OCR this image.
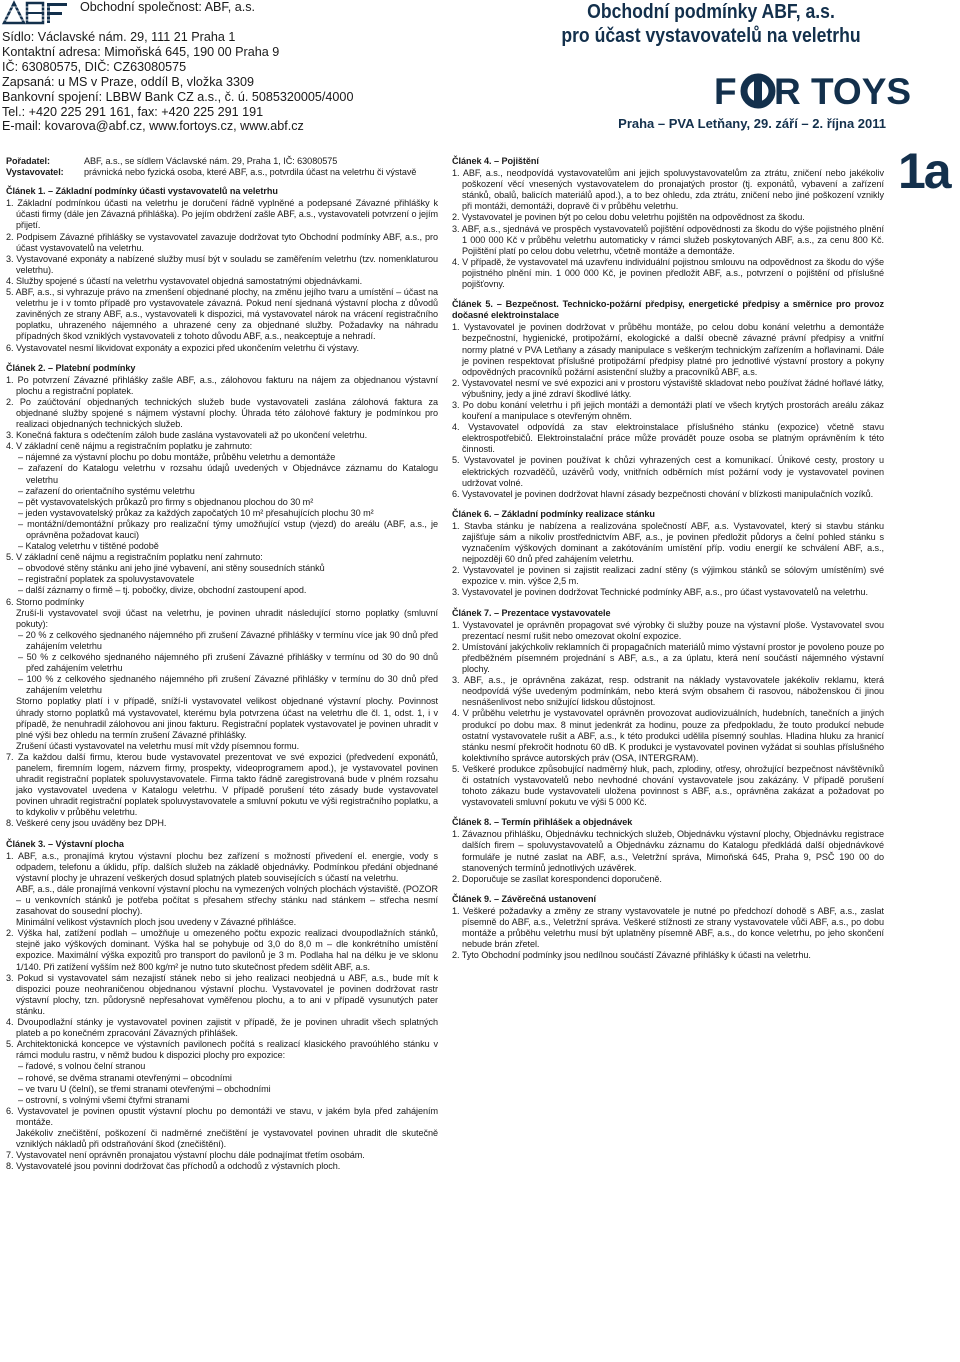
Obchodní společnost: ABF, a.s.
Sídlo: Václavské nám. 29, 111 21 Praha 1
Kontaktní adresa: Mimoňská 645, 190 00 Praha 9
IČ: 63080575, DIČ: CZ63080575
Zapsaná: u MS v Praze, oddíl B, vložka 3309
Bankovní spojení: LBBW Bank CZ a.s., č. ú. 5085320005/4000
Tel.: +420 225 291 161, fax: +420 225 291 191
E-mail: kovarova@abf.cz, www.fortoys.cz, www.abf.cz
Obchodní podmínky ABF, a.s.
pro účast vystavovatelů na veletrhu
F R TOYS
Praha – PVA Letňany, 29. září – 2. října 2011
1a
Pořadatel:	ABF, a.s., se sídlem Václavské nám. 29, Praha 1, IČ: 63080575
Vystavovatel:	právnická nebo fyzická osoba, které ABF, a.s., potvrdila účast na veletrhu či výstavě

Článek 1. – Základní podmínky účasti vystavovatelů na veletrhu

1. Základní podmínkou účasti na veletrhu je doručení řádně vyplněné a podepsané Závazné přihlášky k účasti firmy (dále jen Závazná přihláška). Po jejím obdržení zašle ABF, a.s., vystavovateli potvrzení o jejím přijetí.

2. Podpisem Závazné přihlášky se vystavovatel zavazuje dodržovat tyto Obchodní podmínky ABF, a.s., pro účast vystavovatelů na veletrhu.

3. Vystavované exponáty a nabízené služby musí být v souladu se zaměřením veletrhu (tzv. nomenklaturou veletrhu).

4. Služby spojené s účastí na veletrhu vystavovatel objedná samostatnými objednávkami.

5. ABF, a.s., si vyhrazuje právo na zmenšení objednané plochy, na změnu jejího tvaru a umístění – účast na veletrhu je i v tomto případě pro vystavovatele závazná. Pokud není sjednaná výstavní plocha z důvodů zaviněných ze strany ABF, a.s., vystavovateli k dispozici, má vystavovatel nárok na vrácení registračního poplatku, uhrazeného nájemného a uhrazené ceny za objednané služby. Požadavky na náhradu případných škod vzniklých vystavovateli z tohoto důvodu ABF, a.s., neakceptuje a nehradí.

6. Vystavovatel nesmí likvidovat exponáty a expozici před ukončením veletrhu či výstavy.

Článek 2. – Platební podmínky

1. Po potvrzení Závazné přihlášky zašle ABF, a.s., zálohovou fakturu na nájem za objednanou výstavní plochu a registrační poplatek.

2. Po zaúčtování objednaných technických služeb bude vystavovateli zaslána zálohová faktura za objednané služby spojené s nájmem výstavní plochy. Úhrada této zálohové faktury je podmínkou pro realizaci objednaných technických služeb.

3. Konečná faktura s odečtením záloh bude zaslána vystavovateli až po ukončení veletrhu.

4. V základní ceně nájmu a registračním poplatku je zahrnuto:

– nájemné za výstavní plochu po dobu montáže, průběhu veletrhu a demontáže

– zařazení do Katalogu veletrhu v rozsahu údajů uvedených v Objednávce záznamu do Katalogu veletrhu

– zařazení do orientačního systému veletrhu

– pět vystavovatelských průkazů pro firmy s objednanou plochou do 30 m²

– jeden vystavovatelský průkaz za každých započatých 10 m² přesahujících plochu 30 m²

– montážní/demontážní průkazy pro realizační týmy umožňující vstup (vjezd) do areálu (ABF, a.s., je oprávněna požadovat kauci)

– Katalog veletrhu v tištěné podobě

5. V základní ceně nájmu a registračním poplatku není zahrnuto:

– obvodové stěny stánku ani jeho jiné vybavení, ani stěny sousedních stánků

– registrační poplatek za spoluvystavovatele

– další záznamy o firmě – tj. pobočky, divize, obchodní zastoupení apod.

6. Storno podmínky

Zruší-li vystavovatel svoji účast na veletrhu, je povinen uhradit následující storno poplatky (smluvní pokuty):

– 20 % z celkového sjednaného nájemného při zrušení Závazné přihlášky v termínu více jak 90 dnů před zahájením veletrhu

– 50 % z celkového sjednaného nájemného při zrušení Závazné přihlášky v termínu od 30 do 90 dnů před zahájením veletrhu

– 100 % z celkového sjednaného nájemného při zrušení Závazné přihlášky v termínu do 30 dnů před zahájením veletrhu

Storno poplatky platí i v případě, sníží-li vystavovatel velikost objednané výstavní plochy. Povinnost úhrady storno poplatků má vystavovatel, kterému byla potvrzena účast na veletrhu dle čl. 1, odst. 1, i v případě, že nenuhradil zálohovou ani jinou fakturu. Registrační poplatek vystavovatel je povinen uhradit v plné výši bez ohledu na termín zrušení Závazné přihlášky.

Zrušení účasti vystavovatel na veletrhu musí mít vždy písemnou formu.

7. Za každou další firmu, kterou bude vystavovatel prezentovat ve své expozici (předvedení exponátů, panelem, firemním logem, názvem firmy, prospekty, videoprogramem apod.), je vystavovatel povinen uhradit registrační poplatek spoluvystavovatele. Firma takto řádně zaregistrovaná bude v plném rozsahu jako vystavovatel uvedena v Katalogu veletrhu. V případě porušení této zásady bude vystavovatel povinen uhradit registrační poplatek spoluvystavovatele a smluvní pokutu ve výši registračního poplatku, a to kdykoliv v průběhu veletrhu.

8. Veškeré ceny jsou uváděny bez DPH.

Článek 3. – Výstavní plocha

1. ABF, a.s., pronajímá krytou výstavní plochu bez zařízení s možností přivedení el. energie, vody s odpadem, telefonu a úklidu, příp. dalších služeb na základě objednávky. Podmínkou předání objednané výstavní plochy je uhrazení veškerých dosud splatných plateb souvisejících s účastí na veletrhu.

ABF, a.s., dále pronajímá venkovní výstavní plochu na vymezených volných plochách výstaviště. (POZOR – u venkovních stánků je potřeba počítat s přesahem střechy stánku nad stánkem – střecha nesmí zasahovat do sousední plochy).

Minimální velikost výstavních ploch jsou uvedeny v Závazné přihlášce.

2. Výška hal, zatížení podlah – umožňuje u omezeného počtu expozic realizaci dvoupodlažních stánků, stejně jako výškových dominant. Výška hal se pohybuje od 3,0 do 8,0 m – dle konkrétního umístění expozice. Maximální výška expozitů pro transport do pavilonů je 3 m. Podlaha hal na délku je ve sklonu 1/140. Při zatížení vyšším než 800 kg/m² je nutno tuto skutečnost předem sdělit ABF, a.s.

3. Pokud si vystavovatel sám nezajistí stánek nebo si jeho realizaci neobjedná u ABF, a.s., bude mít k dispozici pouze neohraničenou objednanou výstavní plochu. Vystavovatel je povinen dodržovat rastr výstavní plochy, tzn. půdorysně nepřesahovat vyměřenou plochu, a to ani v případě vysunutých pater stánku.

4. Dvoupodlažní stánky je vystavovatel povinen zajistit v případě, že je povinen uhradit všech splatných plateb a po konečném zpracování Závazných přihlášek.

5. Architektonická koncepce ve výstavních pavilonech počítá s realizací klasického pravoúhlého stánku v rámci modulu rastru, v němž budou k dispozici plochy pro expozice:

– řadové, s volnou čelní stranou

– rohové, se dvěma stranami otevřenými – obcodními

– ve tvaru U (čelní), se třemi stranami otevřenými – obchodními

– ostrovní, s volnými všemi čtyřmi stranami

6. Vystavovatel je povinen opustit výstavní plochu po demontáži ve stavu, v jakém byla před zahájením montáže.

Jakékoliv znečištění, poškození či nadměrné znečištění je vystavovatel povinen uhradit dle skutečně vzniklých nákladů při odstraňování škod (znečištění).

7. Vystavovatel není oprávněn pronajatou výstavní plochu dále podnajímat třetím osobám.

8. Vystavovatelé jsou povinni dodržovat čas příchodů a odchodů z výstavních ploch.

Článek 4. – Pojištění

1. ABF, a.s., neodpovídá vystavovatelům ani jejich spoluvystavovatelům za ztrátu, zničení nebo jakékoliv poškození věcí vnesených vystavovatelem do pronajatých prostor (tj. exponátů, vybavení a zařízení stánků, obalů, balicích materiálů apod.), a to bez ohledu, zda ztrátu, zničení nebo jiné poškození vznikly při montáži, demontáži, dopravě či v průběhu veletrhu.

2. Vystavovatel je povinen být po celou dobu veletrhu pojištěn na odpovědnost za škodu.

3. ABF, a.s., sjednává ve prospěch vystavovatelů pojištění odpovědnosti za škodu do výše pojistného plnění 1 000 000 Kč v průběhu veletrhu automaticky v rámci služeb poskytovaných ABF, a.s., za cenu 800 Kč. Pojištění platí po celou dobu veletrhu, včetně montáže a demontáže.

4. V případě, že vystavovatel má uzavřenu individuální pojistnou smlouvu na odpovědnost za škodu do výše pojistného plnění min. 1 000 000 Kč, je povinen předložit ABF, a.s., potvrzení o pojištění od příslušné pojišťovny.

Článek 5. – Bezpečnost. Technicko-požární předpisy, energetické předpisy a směrnice pro provoz dočasné elektroinstalace

1. Vystavovatel je povinen dodržovat v průběhu montáže, po celou dobu konání veletrhu a demontáže bezpečnostní, hygienické, protipožární, ekologické a další obecně závazné právní předpisy a vnitřní normy platné v PVA Letňany a zásady manipulace s veškerým technickým zařízením a hořlavinami. Dále je povinen respektovat příslušné protipožární předpisy platné pro jednotlivé výstavní prostory a pokyny odpovědných pracovníků požární asistenční služby a pracovníků ABF, a.s.

2. Vystavovatel nesmí ve své expozici ani v prostoru výstaviště skladovat nebo používat žádné hořlavé látky, výbušniny, jedy a jiné zdraví škodlivé látky.

3. Po dobu konání veletrhu i při jejich montáži a demontáži platí ve všech krytých prostorách areálu zákaz kouření a manipulace s otevřeným ohněm.

4. Vystavovatel odpovídá za stav elektroinstalace příslušného stánku (expozice) včetně stavu elektrospotřebičů. Elektroinstalační práce může provádět pouze osoba se platným oprávněním k této činnosti.

5. Vystavovatel je povinen používat k chůzi vyhrazených cest a komunikací. Únikové cesty, prostory u elektrických rozvaděčů, uzávěrů vody, vnitřních odběrních míst požární vody je vystavovatel povinen udržovat volné.

6. Vystavovatel je povinen dodržovat hlavní zásady bezpečnosti chování v blízkosti manipulačních vozíků.

Článek 6. – Základní podmínky realizace stánku

1. Stavba stánku je nabízena a realizována společností ABF, a.s. Vystavovatel, který si stavbu stánku zajišťuje sám a nikoliv prostřednictvím ABF, a.s., je povinen předložit půdorys a čelní pohled stánku s vyznačením výškových dominant a zakótováním umístění příp. vodiu energií ke schválení ABF, a.s., nejpozději 60 dnů před zahájením veletrhu.

2. Vystavovatel je povinen si zajistit realizaci zadní stěny (s výjimkou stánků se sólovým umístěním) své expozice v. min. výšce 2,5 m.

3. Vystavovatel je povinen dodržovat Technické podmínky ABF, a.s., pro účast vystavovatelů na veletrhu.

Článek 7. – Prezentace vystavovatele

1. Vystavovatel je oprávněn propagovat své výrobky či služby pouze na výstavní ploše. Vystavovatel svou prezentací nesmí rušit nebo omezovat okolní expozice.

2. Umístování jakýchkoliv reklamních či propagačních materiálů mimo výstavní prostor je povoleno pouze po předběžném písemném projednání s ABF, a.s., a za úplatu, která není součástí nájemného výstavní plochy.

3. ABF, a.s., je oprávněna zakázat, resp. odstranit na náklady vystavovatele jakékoliv reklamu, která neodpovídá výše uvedeným podmínkám, nebo která svým obsahem či rasovou, náboženskou či jinou nesnášenlivost nebo snižující lidskou důstojnost.

4. V průběhu veletrhu je vystavovatel oprávněn provozovat audiovizuálních, hudebních, tanečních a jiných produkcí po dobu max. 8 minut jedenkrát za hodinu, pouze za předpokladu, že touto produkcí nebude ostatní vystavovatele rušit a ABF, a.s., k této produkci udělila písemný souhlas. Hladina hluku za hranicí stánku nesmí překročit hodnotu 60 dB. K produkci je vystavovatel povinen vyžádat si souhlas příslušného kolektivního správce autorských práv (OSA, INTERGRAM).

5. Veškeré produkce způsobující nadměrný hluk, pach, zplodiny, otřesy, ohrožující bezpečnost návštěvníků či ostatních vystavovatelů nebo nevhodné chování vystavovatele jsou zakázány. V případě porušení tohoto zákazu bude vystavovateli uložena povinnost s ABF, a.s., oprávněna zakázat a požadovat po vystavovateli smluvní pokutu ve výši 5 000 Kč.

Článek 8. – Termín přihlášek a objednávek

1. Závaznou přihlášku, Objednávku technických služeb, Objednávku výstavní plochy, Objednávku registrace dalších firem – spoluvystavovatelů a Objednávku záznamu do Katalogu předkládá další objednávkové formuláře je nutné zaslat na ABF, a.s., Veletržní správa, Mimoňská 645, Praha 9, PSČ 190 00 do stanovených termínů jednotlivých uzávěrek.

2. Doporučuje se zasílat korespondenci doporučeně.

Článek 9. – Závěrečná ustanovení

1. Veškeré požadavky a změny ze strany vystavovatele je nutné po předchozí dohodě s ABF, a.s., zaslat písemně do ABF, a.s., Veletržní správa. Veškeré stížnosti ze strany vystavovatele vůči ABF, a.s., po dobu montáže a průběhu veletrhu musí být uplatněny písemně ABF, a.s., do konce veletrhu, po jeho skončení nebude brán zřetel.

2. Tyto Obchodní podmínky jsou nedílnou součástí Závazné přihlášky k účasti na veletrhu.
